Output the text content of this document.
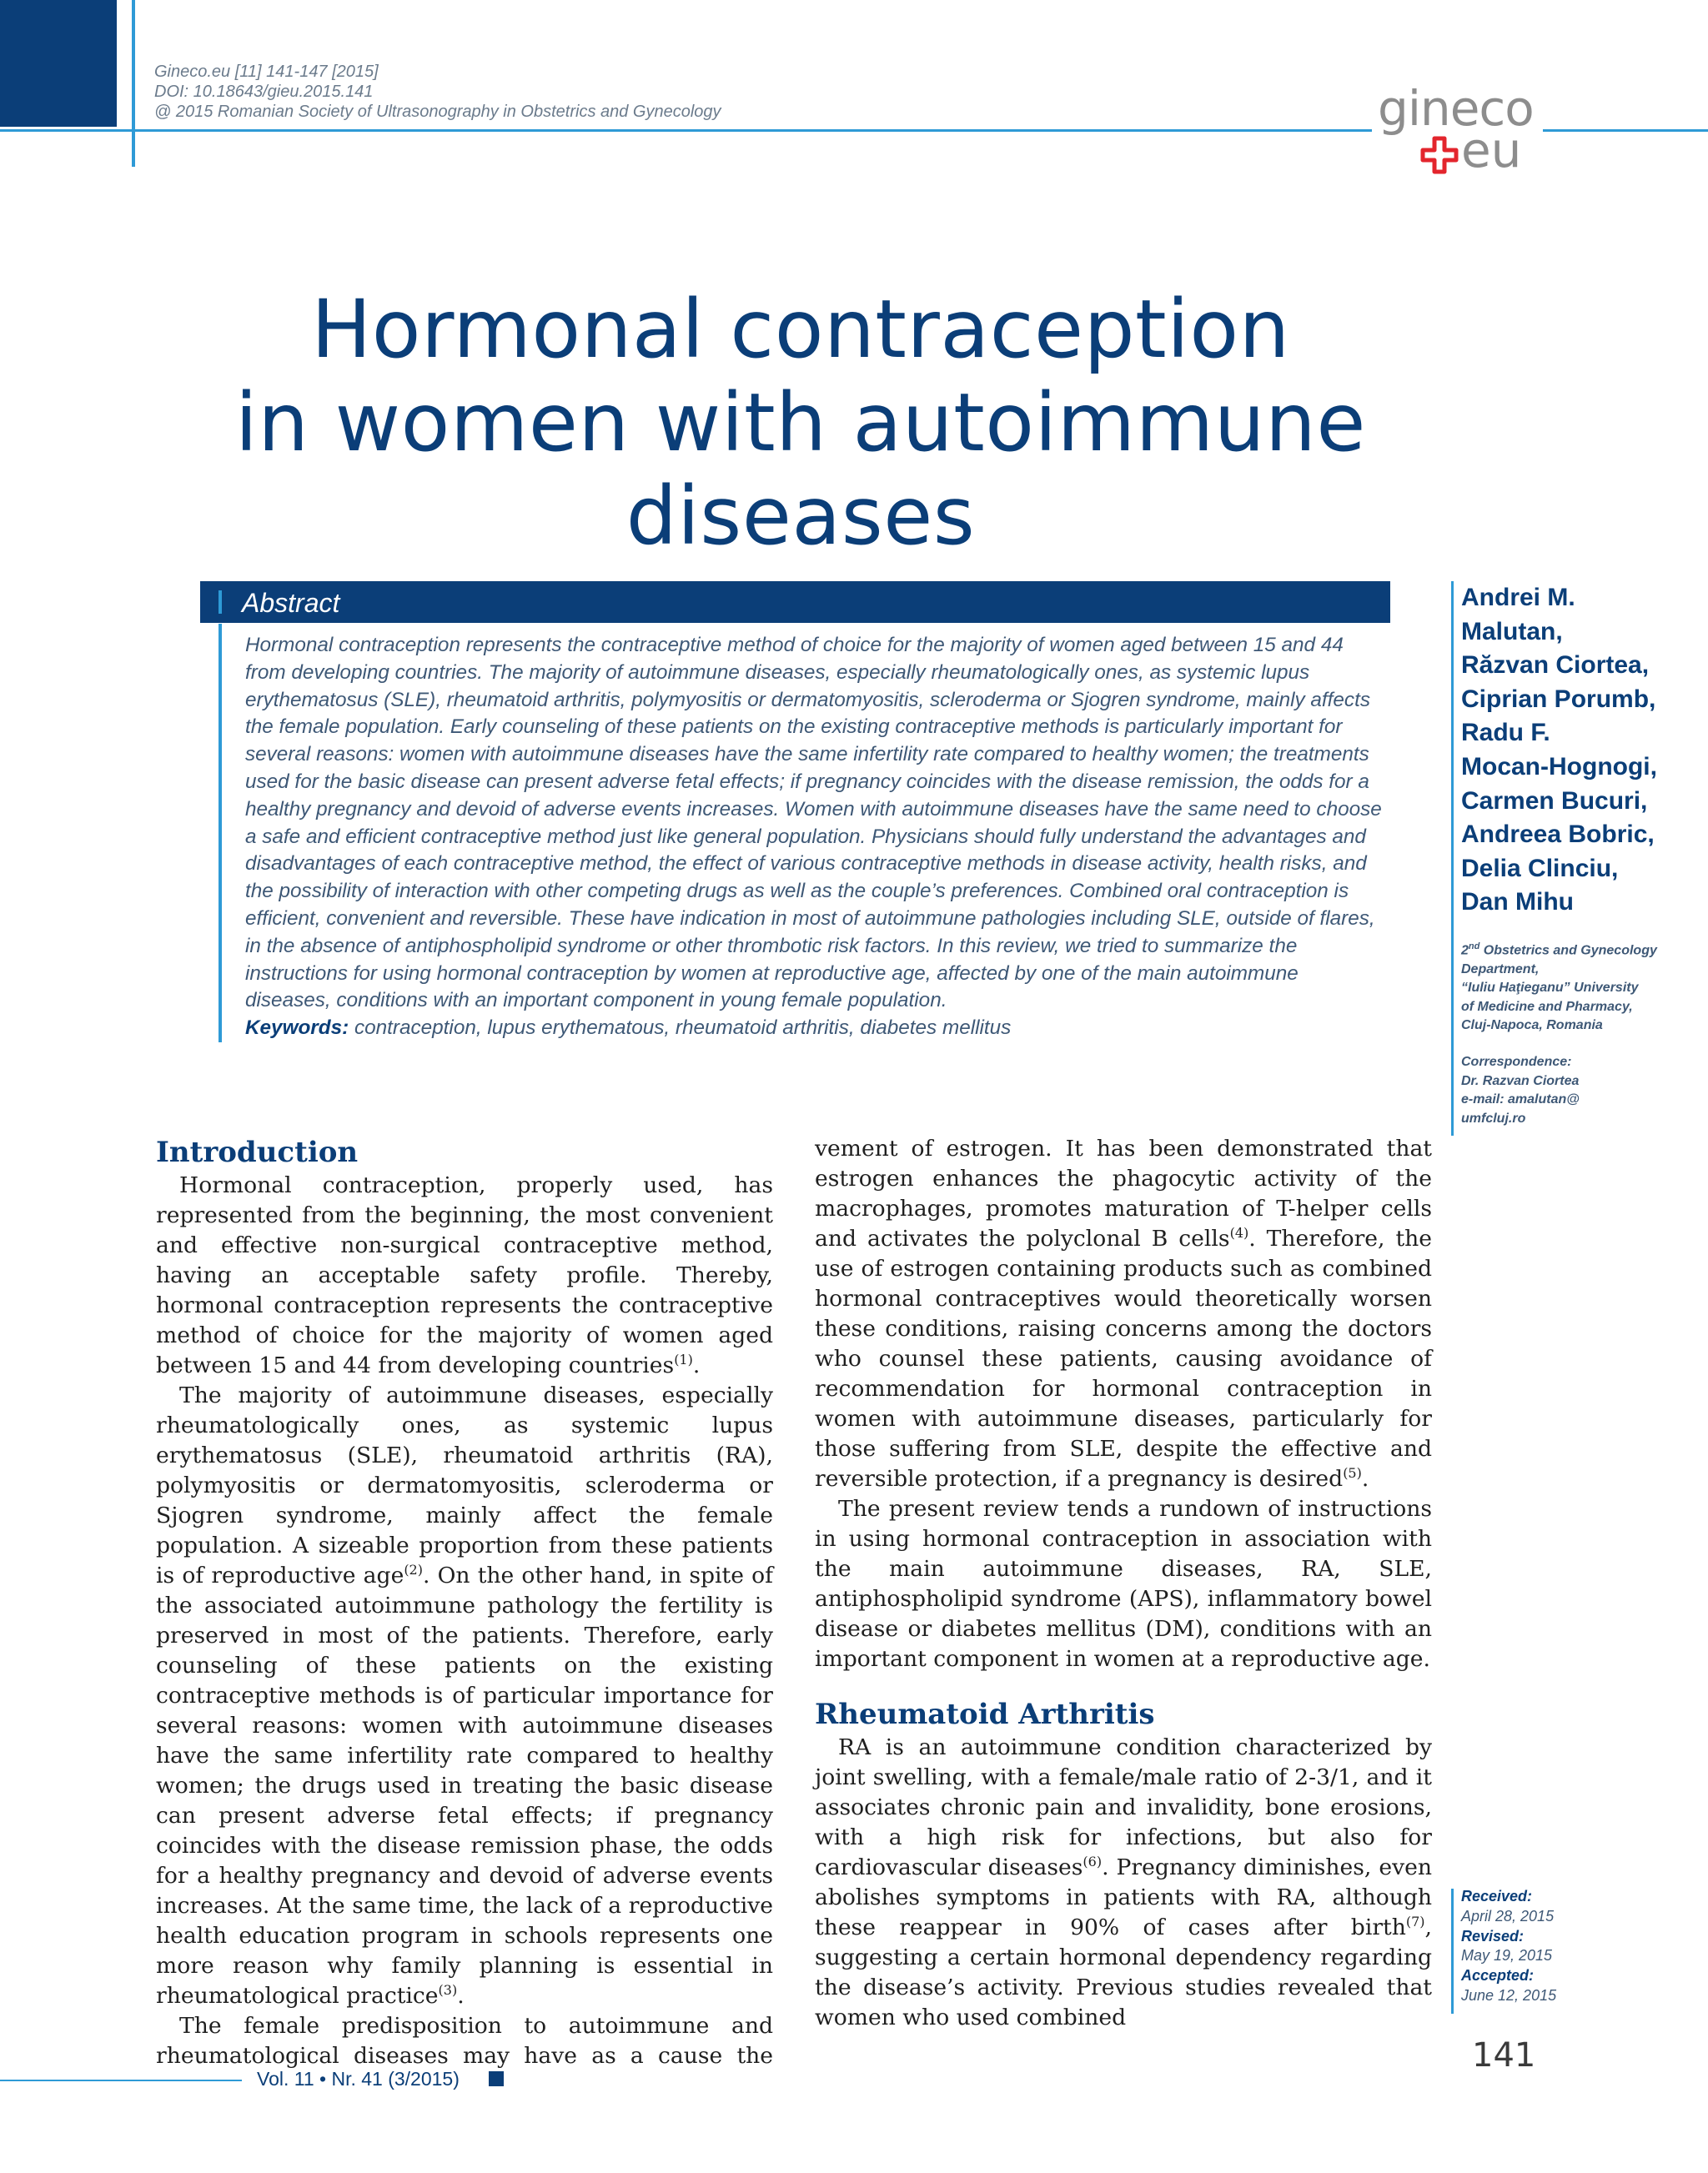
Gineco.eu [11] 141-147 [2015]
DOI: 10.18643/gieu.2015.141
@ 2015 Romanian Society of Ultrasonography in Obstetrics and Gynecology	gineco
eu
Hormonal contraception
in women with autoimmune
diseases
Abstract

Hormonal contraception represents the contraceptive method of choice for the majority of women aged between 15 and 44 from developing countries. The majority of autoimmune diseases, especially rheumatologically ones, as systemic lupus erythematosus (SLE), rheumatoid arthritis, polymyositis or dermatomyositis, scleroderma or Sjogren syndrome, mainly affects the female population. Early counseling of these patients on the existing contraceptive methods is particularly important for several reasons: women with autoimmune diseases have the same infertility rate compared to healthy women; the treatments used for the basic disease can present adverse fetal effects; if pregnancy coincides with the disease remission, the odds for a healthy pregnancy and devoid of adverse events increases. Women with autoimmune diseases have the same need to choose a safe and efficient contraceptive method just like general population. Physicians should fully understand the advantages and disadvantages of each contraceptive method, the effect of various contraceptive methods in disease activity, health risks, and the possibility of interaction with other competing drugs as well as the couple’s preferences. Combined oral contraception is efficient, convenient and reversible. These have indication in most of autoimmune pathologies including SLE, outside of flares, in the absence of antiphospholipid syndrome or other thrombotic risk factors. In this review, we tried to summarize the instructions for using hormonal contraception by women at reproductive age, affected by one of the main autoimmune diseases, conditions with an important component in young female population.

Keywords: contraception, lupus erythematous, rheumatoid arthritis, diabetes mellitus

Andrei M.
Malutan,
Răzvan Ciortea,
Ciprian Porumb,
Radu F.
Mocan-Hognogi,
Carmen Bucuri,
Andreea Bobric,
Delia Clinciu,
Dan Mihu
2nd Obstetrics and Gynecology
Department,
“Iuliu Haţieganu” University
of Medicine and Pharmacy,
Cluj-Napoca, Romania
Correspondence:
Dr. Razvan Ciortea
e-mail: amalutan@
umfcluj.ro
Introduction

Hormonal contraception, properly used, has represented from the beginning, the most convenient and effective non-surgical contraceptive method, having an acceptable safety profile. Thereby, hormonal contraception represents the contraceptive method of choice for the majority of women aged between 15 and 44 from developing countries$^{(1)}$.

The majority of autoimmune diseases, especially rheumatologically ones, as systemic lupus erythematosus (SLE), rheumatoid arthritis (RA), polymyositis or dermatomyositis, scleroderma or Sjogren syndrome, mainly affect the female population. A sizeable proportion from these patients is of reproductive age$^{(2)}$. On the other hand, in spite of the associated autoimmune pathology the fertility is preserved in most of the patients. Therefore, early counseling of these patients on the existing contraceptive methods is of particular importance for several reasons: women with autoimmune diseases have the same infertility rate compared to healthy women; the drugs used in treating the basic disease can present adverse fetal effects; if pregnancy coincides with the disease remission phase, the odds for a healthy pregnancy and devoid of adverse events increases. At the same time, the lack of a reproductive health education program in schools represents one more reason why family planning is essential in rheumatological practice$^{(3)}$.

The female predisposition to autoimmune and rheumatological diseases may have as a cause the

vement of estrogen. It has been demonstrated that estrogen enhances the phagocytic activity of the macrophages, promotes maturation of T-helper cells and activates the polyclonal B cells$^{(4)}$. Therefore, the use of estrogen containing products such as combined hormonal contraceptives would theoretically worsen these conditions, raising concerns among the doctors who counsel these patients, causing avoidance of recommendation for hormonal contraception in women with autoimmune diseases, particularly for those suffering from SLE, despite the effective and reversible protection, if a pregnancy is desired$^{(5)}$.

The present review tends a rundown of instructions in using hormonal contraception in association with the main autoimmune diseases, RA, SLE, antiphospholipid syndrome (APS), inflammatory bowel disease or diabetes mellitus (DM), conditions with an important component in women at a reproductive age.

Rheumatoid Arthritis

RA is an autoimmune condition characterized by joint swelling, with a female/male ratio of 2-3/1, and it associates chronic pain and invalidity, bone erosions, with a high risk for infections, but also for cardiovascular diseases$^{(6)}$. Pregnancy diminishes, even abolishes symptoms in patients with RA, although these reappear in 90% of cases after birth$^{(7)}$, suggesting a certain hormonal dependency regarding the disease’s activity. Previous studies revealed that women who used combined

Received:
April 28, 2015
Revised:
May 19, 2015
Accepted:
June 12, 2015
Vol. 11 • Nr. 41 (3/2015)
141
